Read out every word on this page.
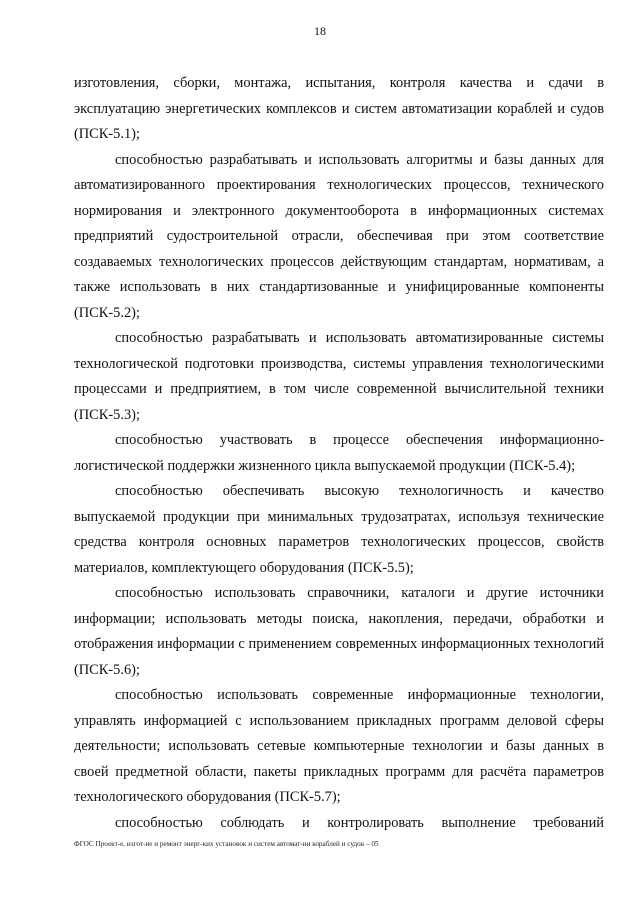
18

изготовления, сборки, монтажа, испытания, контроля качества и сдачи в эксплуатацию энергетических комплексов и систем автоматизации кораблей и судов (ПСК-5.1);

способностью разрабатывать и использовать алгоритмы и базы данных для автоматизированного проектирования технологических процессов, технического нормирования и электронного документооборота в информационных системах предприятий судостроительной отрасли, обеспечивая при этом соответствие создаваемых технологических процессов действующим стандартам, нормативам, а также использовать в них стандартизованные и унифицированные компоненты (ПСК-5.2);

способностью разрабатывать и использовать автоматизированные системы технологической подготовки производства, системы управления технологическими процессами и предприятием, в том числе современной вычислительной техники (ПСК-5.3);

способностью участвовать в процессе обеспечения информационно-логистической поддержки жизненного цикла выпускаемой продукции (ПСК-5.4);

способностью обеспечивать высокую технологичность и качество выпускаемой продукции при минимальных трудозатратах, используя технические средства контроля основных параметров технологических процессов, свойств материалов, комплектующего оборудования (ПСК-5.5);

способностью использовать справочники, каталоги и другие источники информации; использовать методы поиска, накопления, передачи, обработки и отображения информации с применением современных информационных технологий (ПСК-5.6);

способностью использовать современные информационные технологии, управлять информацией с использованием прикладных программ деловой сферы деятельности; использовать сетевые компьютерные технологии и базы данных в своей предметной области, пакеты прикладных программ для расчёта параметров технологического оборудования (ПСК-5.7);

способностью соблюдать и контролировать выполнение требований

ФГОС Проект-е, изгот-ие и ремонт энерг-ких установок и систем автомат-ии кораблей и судов – 05
